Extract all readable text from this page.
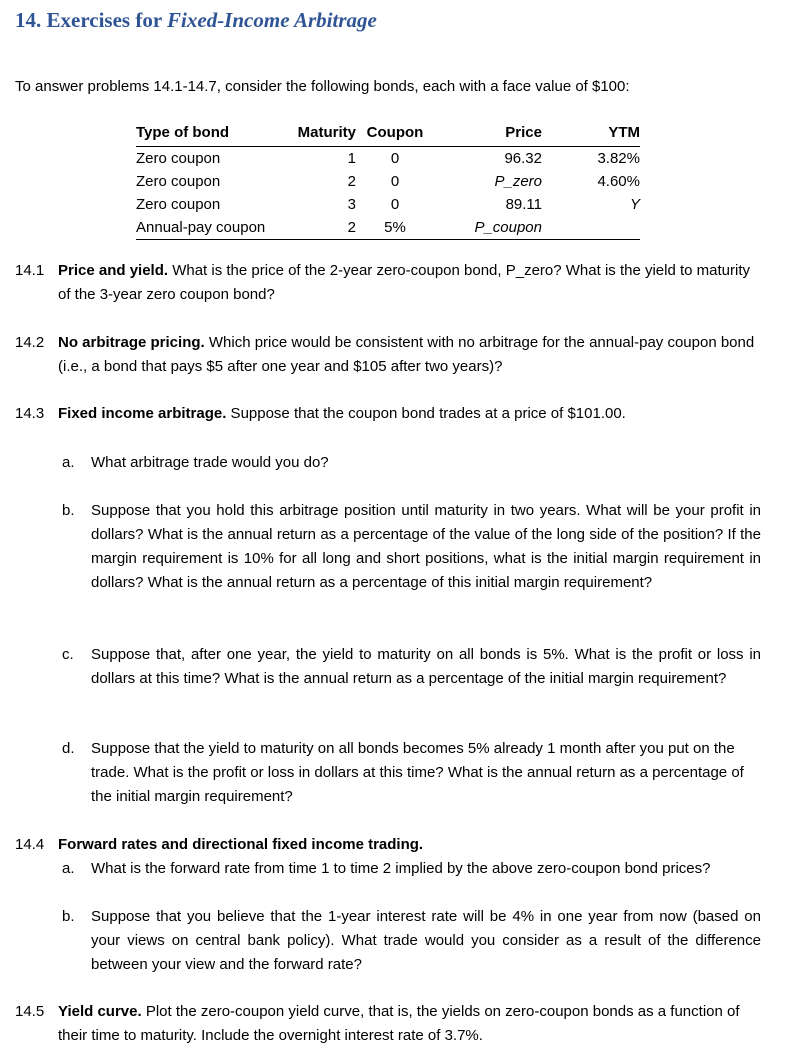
14. Exercises for Fixed-Income Arbitrage
To answer problems 14.1-14.7, consider the following bonds, each with a face value of $100:
Type of bond	Maturity	Coupon	Price	YTM
Zero coupon	1	0	96.32	3.82%
Zero coupon	2	0	P_zero	4.60%
Zero coupon	3	0	89.11	Y
Annual-pay coupon	2	5%	P_coupon	
14.1 Price and yield. What is the price of the 2-year zero-coupon bond, P_zero? What is the yield to maturity of the 3-year zero coupon bond?
14.2 No arbitrage pricing. Which price would be consistent with no arbitrage for the annual-pay coupon bond (i.e., a bond that pays $5 after one year and $105 after two years)?
14.3 Fixed income arbitrage. Suppose that the coupon bond trades at a price of $101.00.
a. What arbitrage trade would you do?
b. Suppose that you hold this arbitrage position until maturity in two years. What will be your profit in dollars? What is the annual return as a percentage of the value of the long side of the position? If the margin requirement is 10% for all long and short positions, what is the initial margin requirement in dollars? What is the annual return as a percentage of this initial margin requirement?
c. Suppose that, after one year, the yield to maturity on all bonds is 5%. What is the profit or loss in dollars at this time? What is the annual return as a percentage of the initial margin requirement?
d. Suppose that the yield to maturity on all bonds becomes 5% already 1 month after you put on the trade. What is the profit or loss in dollars at this time? What is the annual return as a percentage of the initial margin requirement?
14.4 Forward rates and directional fixed income trading.
a. What is the forward rate from time 1 to time 2 implied by the above zero-coupon bond prices?
b. Suppose that you believe that the 1-year interest rate will be 4% in one year from now (based on your views on central bank policy). What trade would you consider as a result of the difference between your view and the forward rate?
14.5 Yield curve. Plot the zero-coupon yield curve, that is, the yields on zero-coupon bonds as a function of their time to maturity. Include the overnight interest rate of 3.7%.
